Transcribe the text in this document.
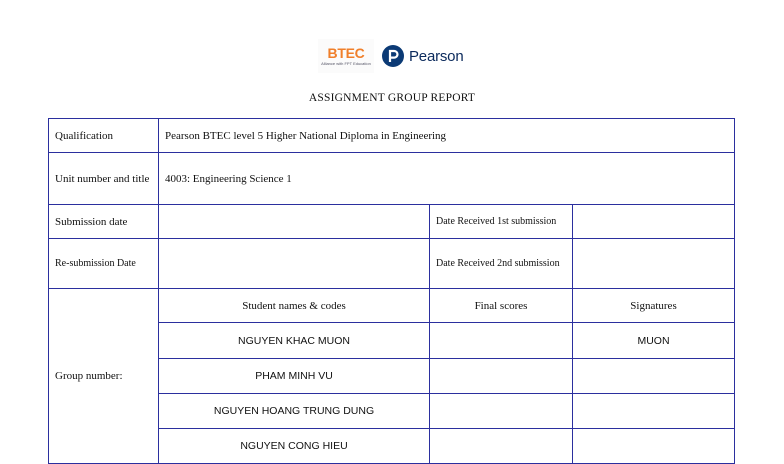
BTEC
Alliance with FPT Education	Pearson
ASSIGNMENT GROUP REPORT
Qualification	Pearson BTEC level 5 Higher National Diploma in Engineering		
Unit number and title	4003: Engineering Science 1		
Submission date		Date Received 1st submission	
Re-submission Date		Date Received 2nd submission	
Group number:	Student names & codes	Final scores	Signatures
	NGUYEN KHAC MUON		MUON
	PHAM MINH VU		
	NGUYEN HOANG TRUNG DUNG		
	NGUYEN CONG HIEU		
